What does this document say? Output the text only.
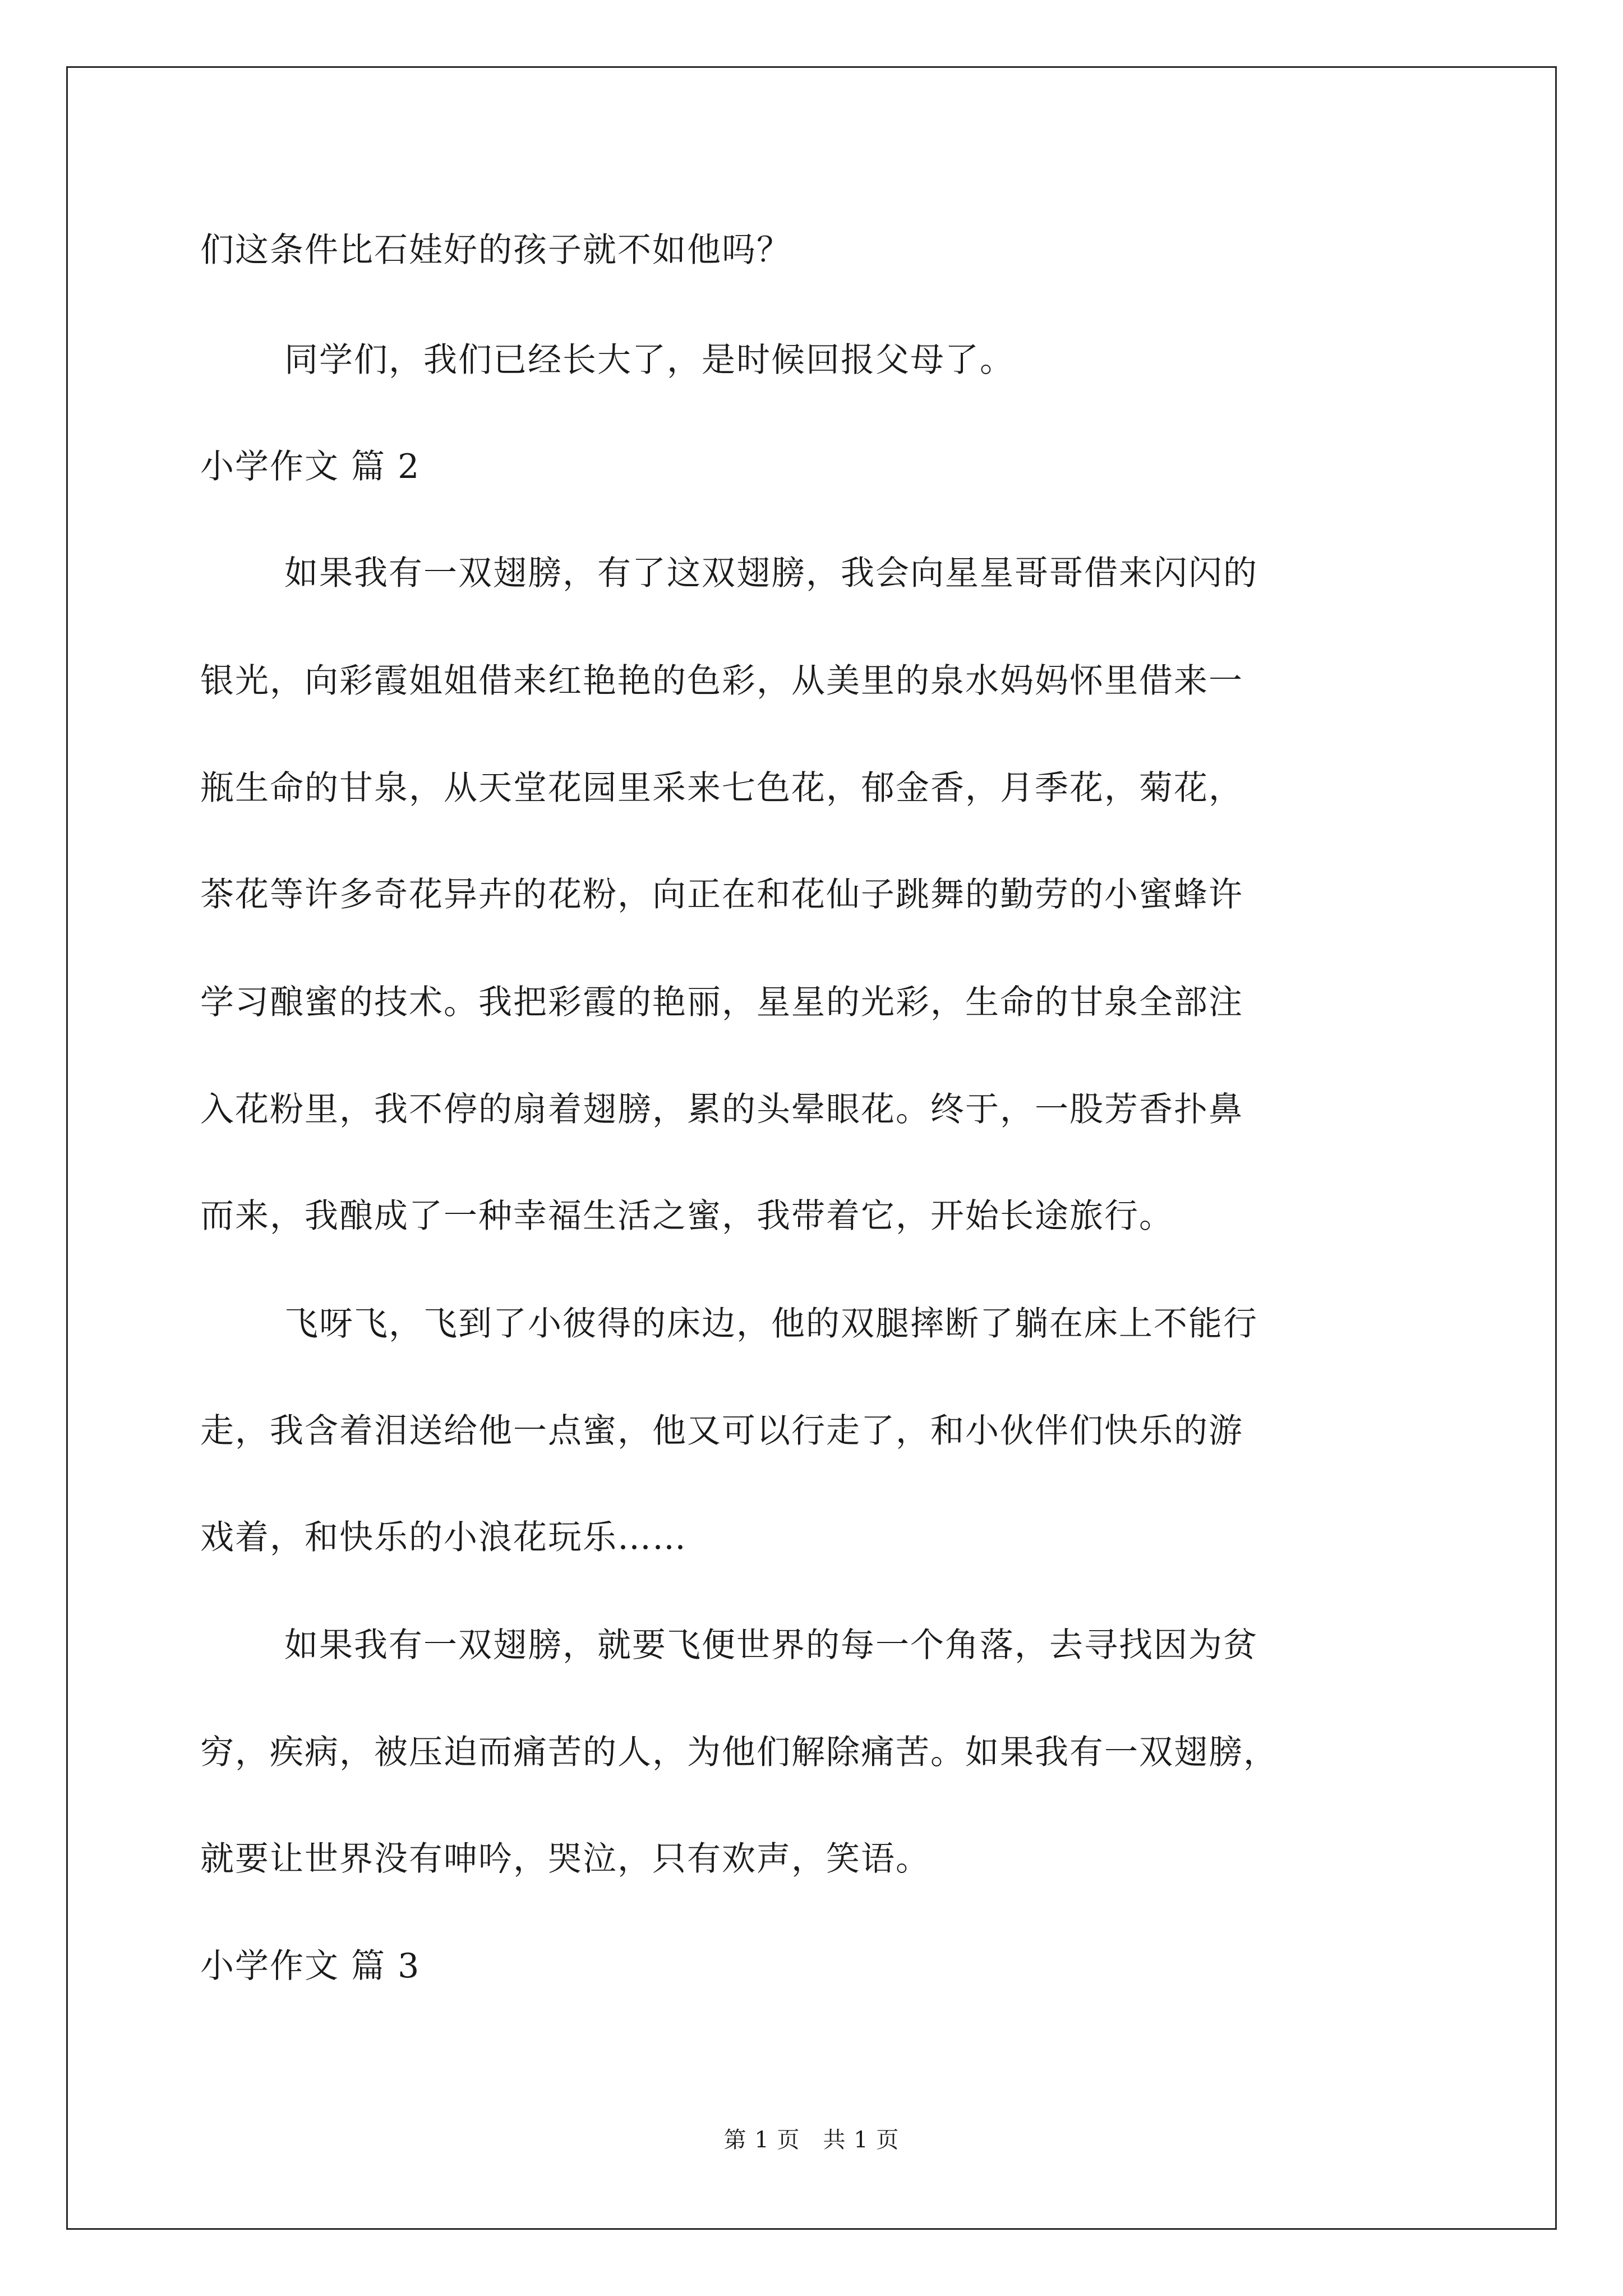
们这条件比石娃好的孩子就不如他吗？
同学们，我们已经长大了，是时候回报父母了。
小学作文 篇 2
如果我有一双翅膀，有了这双翅膀，我会向星星哥哥借来闪闪的
银光，向彩霞姐姐借来红艳艳的色彩，从美里的泉水妈妈怀里借来一
瓶生命的甘泉，从天堂花园里采来七色花，郁金香，月季花，菊花，
茶花等许多奇花异卉的花粉，向正在和花仙子跳舞的勤劳的小蜜蜂许
学习酿蜜的技术。我把彩霞的艳丽，星星的光彩，生命的甘泉全部注
入花粉里，我不停的扇着翅膀，累的头晕眼花。终于，一股芳香扑鼻
而来，我酿成了一种幸福生活之蜜，我带着它，开始长途旅行。
飞呀飞，飞到了小彼得的床边，他的双腿摔断了躺在床上不能行
走，我含着泪送给他一点蜜，他又可以行走了，和小伙伴们快乐的游
戏着，和快乐的小浪花玩乐……
如果我有一双翅膀，就要飞便世界的每一个角落，去寻找因为贫
穷，疾病，被压迫而痛苦的人，为他们解除痛苦。如果我有一双翅膀，
就要让世界没有呻吟，哭泣，只有欢声，笑语。
小学作文 篇 3
第 1 页　共 1 页
